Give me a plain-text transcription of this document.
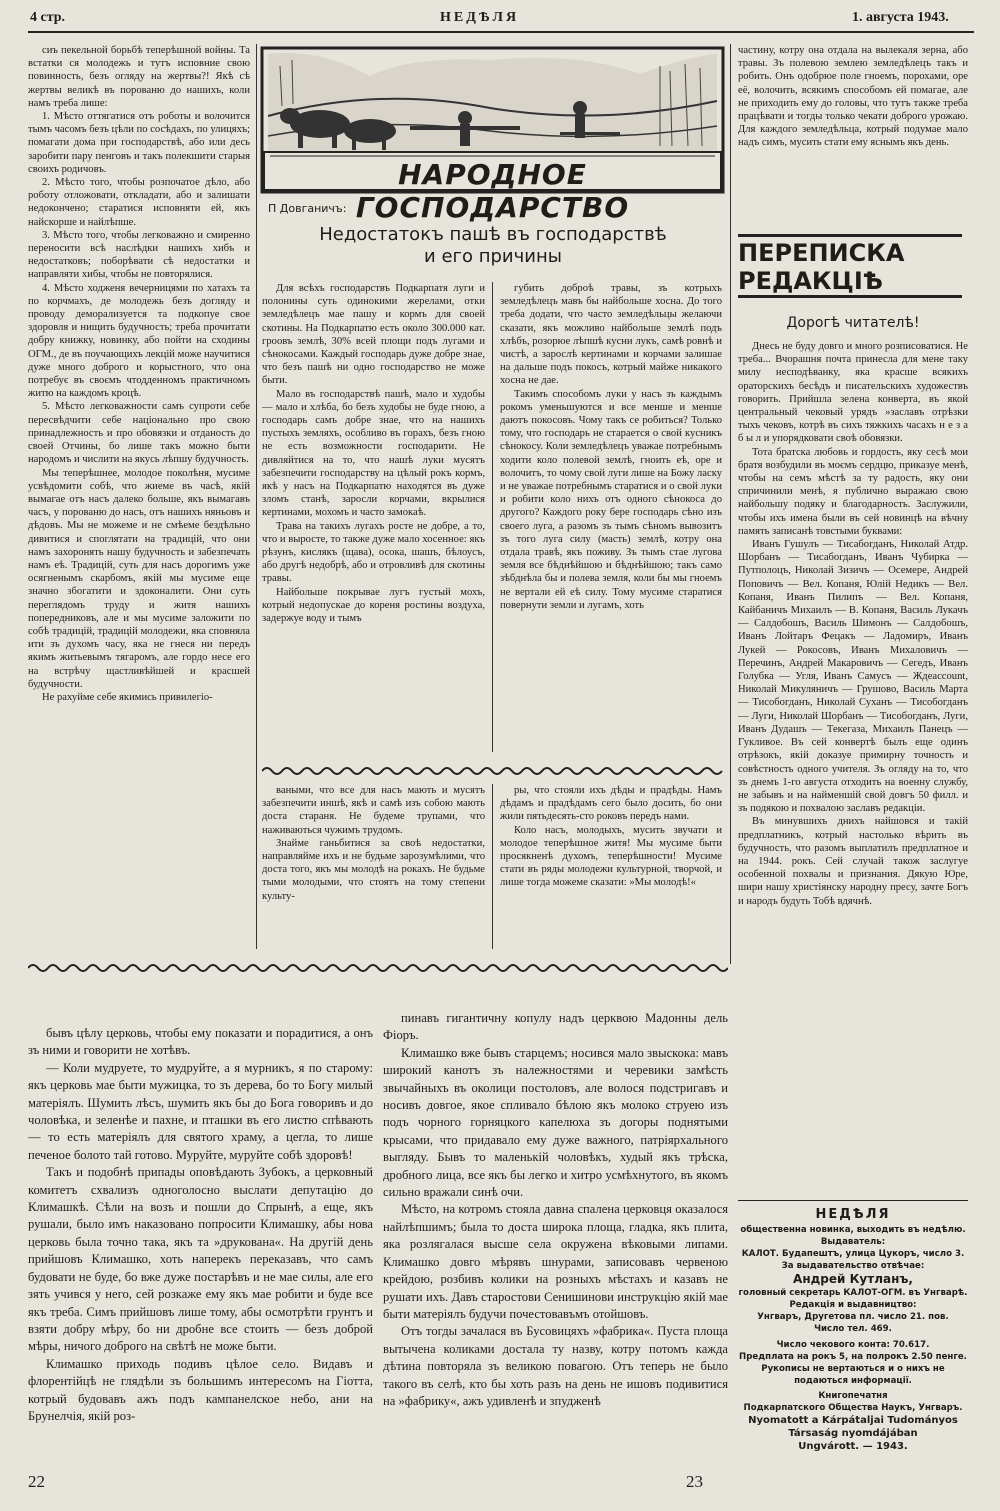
4 стр.	НЕДѢЛЯ	1. августа 1943.

сиъ пекельной борьбѣ теперѣшной войны. Та встатки ся молодежь и тутъ исповние свою повинность, безъ огляду на жертвы?! Якѣ сѣ жертвы великѣ въ порованю до нашихъ, коли намъ треба лише:

1. Мѣсто оттягатися отъ роботы и волочится тымъ часомъ безъ цѣли по сосѣдахъ, по улицяхъ; помагати дома при господарствѣ, або или десь заробити пару пенговъ и такъ полекшити старыя своихъ родичовъ.

2. Мѣсто того, чтобы розпочатое дѣло, або роботу отложовати, откладати, або и залишати недоконченo; старатися исповняти ей, якъ найскорше и найлѣпше.

3. Мѣсто того, чтобы легковажно и смиренно переносити всѣ наслѣдки нашихъ хибъ и недостатковъ; поборѣвати сѣ недостатки и направляти хибы, чтобы не повторялися.

4. Мѣсто ходженя вечерницями по хатахъ та по корчмахъ, де молодежь безъ догляду и проводу деморализуется та подкопуе свое здоровля и нищить будучность; треба прочитати добру книжку, новинку, або пойти на сходины ОГМ., де въ поучающихъ лекцій може научитися дуже много доброго и корыстного, что она потребує въ своємъ чтодденномъ практичномъ житю на каждомъ кроцѣ.

5. Мѣсто легковажности самъ супроти себе пересвѣдчити себе національно про свою принадлежность и про обовязки и отданость до своей Отчины, бо лише такъ можно быти народомъ и числити на якусь лѣпшу будучность.

Мы теперѣшнее, молодое поколѣня, мусиме усвѣдомити собѣ, что жиеме въ часѣ, якій вымагае отъ насъ далеко больше, якъ вымагавъ часъ, у порованю до насъ, отъ нашихъ няньовъ и дѣдовъ. Мы не можеме и не смѣеме бездѣльно дивитися и споглятати на традицій, что они намъ захоронять нашу будучность и забезпечать намъ еѣ. Традицій, суть для насъ дорогимъ уже осягненымъ скарбомъ, якій мы мусиме еще значно збогатити и здоконалити. Они суть переглядомъ труду и житя нашихъ попередниковъ, але и мы мусиме заложити по собѣ традицій, традицій молодежи, яка сповняла ити зъ духомъ часу, яка не гнеся ни передъ якимъ житьевымъ тягаромъ, але гордо несе его на встрѣчу щастливѣйшей и красшей будучности.

Не рахуйме себе якимись привилегіо-

НАРОДНОЕ ГОСПОДАРСТВО
П Довганичъ:
Недостатокъ пашѣ въ господарствѣ
и его причины

Для всѣхъ господарствъ Подкарпатя луги и полонины суть одинокими жерелами, отки земледѣлецъ мае пашу и кормъ для своей скотины. На Подкарпатю есть около 300.000 кат. гроовъ землѣ, 30% всей площи подъ лугами и сѣнокосами. Каждый господарь дуже добре знае, что безъ пашѣ ни одно господарство не може быти.

Мало въ господарствѣ пашѣ, мало и худобы — мало и хлѣба, бо безъ худобы не буде гною, а господарь самъ добре знае, что на нашихъ пустыхъ земляхъ, особливо въ горахъ, безъ гною не есть возможности господарити. Не дивляйтися на то, что нашѣ луки мусятъ забезпечити господарству на цѣлый рокъ кормъ, якѣ у насъ на Подкарпатю находятся въ дуже зломъ станѣ, заросли корчами, вкрылися кертинами, мохомъ и часто замокаѣ.

Трава на такихъ лугахъ росте не добре, а то, что и выросте, то также дуже мало хосенное: якъ рѣзунъ, кислякъ (щава), осока, шашъ, бѣлоусъ, або другѣ недобрѣ, або и отровливѣ для скотины травы.

Найбольше покрывае лугъ густый мохъ, котрый недопускае до кореня ростины воздуха, задержуе воду и тымъ

губить доброѣ травы, зъ котрыхъ земледѣлецъ мавъ бы найбольше хосна. До того треба додати, что часто земледѣльцы желаючи сказати, якъ можливо найбольше землѣ подъ хлѣбъ, розорюе лѣпшѣ кусни лукъ, самѣ ровнѣ и чистѣ, а зарослѣ кертинами и корчами залишае на дальше подъ покосъ, котрый майже никакого хосна не дае.

Такимъ способомъ луки у насъ зъ каждымъ рокомъ уменьшуются и все менше и менше даютъ покосовъ. Чому такъ се робиться? Только тому, что господарь не старается о свой кусникъ сѣнокосу. Коли земледѣлецъ уважае потребнымъ ходити коло полевой землѣ, гноить еѣ, оре и волочитъ, то чому свой луги лише на Божу ласку и не уважае потребнымъ старатися и о свой луки и робити коло нихъ отъ одного сѣнокоса до другого? Каждого року бере господарь сѣно изъ своего луга, а разомъ зъ тымъ сѣномъ вывозитъ зъ того луга силу (масть) землѣ, котру она отдала травѣ, якъ поживу. Зъ тымъ стае лугова земля все бѣднѣйшою и бѣднѣйшою; такъ само зѣбднѣла бы и полева земля, коли бы мы гноемъ не вертали ей еѣ силу. Тому мусиме старатися повернути земли и лугамъ, хоть

ваными, что все для насъ мають и мусятъ забезпечити иншѣ, якѣ и самѣ изъ собою мають доста стараня. Не будеме трупами, что наживаються чужимъ трудомъ.

Знайме ганьбитися за своѣ недостатки, направляйме ихъ и не будьме зарозумѣлими, что доста того, якъ мы молодѣ на рокахъ. Не будьме тыми молодыми, что стоятъ на тому степени культу-

ры, что стояли ихъ дѣды и прадѣды. Намъ дѣдамъ и прадѣдамъ сего было досить, бо они жили пятьдесять-сто роковъ передъ нами.

Коло насъ, молодыхъ, мусить звучати и молодое теперѣшное житя! Мы мусиме быти просякненѣ духомъ, теперѣшности! Мусиме стати въ ряды молодежи культурной, творчой, и лише тогда можеме сказати: »Мы молодѣ!«

частину, котру она отдала на вылекаля зерна, або травы. Зъ полевою землею земледѣлецъ такъ и робить. Онъ одобрюе поле гноемъ, порохами, оре её, волочить, всякимъ способомъ ей помагае, але не приходить ему до головы, что тутъ также треба працѣвати и тогды только чекати доброго урожаю. Для каждого земледѣльца, котрый подумае мало надъ симъ, мусить стати ему яснымъ якъ день.

ПЕРЕПИСКА
РЕДАКЦІѢ
Дорогѣ читателѣ!

Днесь не буду довго и много розписоватися. Не треба... Вчорашня почта принесла для мене таку милу несподѣванку, яка красше всякихъ ораторскихъ бесѣдъ и писательскихъ художествъ говорить. Прийшла зелена конверта, въ якой центральный чековый урядъ »заславъ отрѣзки тыхъ чековъ, котрѣ въ сихъ тяжкихъ часахъ н е з а б ы л и упорядковати своѣ обовязки.

Тота братска любовь и гордость, яку сесѣ мои братя возбудили въ моємъ сердцю, приказуе менѣ, чтобы на семъ мѣстѣ за ту радость, яку они спричинили менѣ, я публично выражаю свою найбольшу подяку и благодарность. Заслужили, чтобы ихъ имена были въ сей новинцѣ на вѣчну память записанѣ товстыми буквами:

Иванъ Гушулъ — Тисабогданъ, Николай Атдр. Шорбанъ — Тисабогданъ, Иванъ Чубирка — Путполоцъ, Николай Зизичъ — Осемере, Андрей Поповичъ — Вел. Копаня, Юлій Недикъ — Вел. Копаня, Иванъ Пилипъ — Вел. Копаня, Кайбаничъ Михаилъ — В. Копаня, Василь Лукачъ — Салдобошъ, Василь Шимонъ — Салдобошъ, Иванъ Лойтаръ Фецакъ — Ладомиръ, Иванъ Лукей — Рокосовъ, Иванъ Михаловичъ — Перечинъ, Андрей Макаровичъ — Сегедъ, Иванъ Голубка — Угля, Иванъ Самусъ — Ждеaccount, Николай Микуляничъ — Грушово, Василь Марта — Тисобогданъ, Николай Суханъ — Тисобогданъ — Луги, Николай Шорбанъ — Тисобогданъ, Луги, Иванъ Дудашъ — Текегаза, Михаилъ Панецъ — Гукливое. Въ сей конвертѣ былъ еще одинъ отрѣзокъ, якій доказуе примирну точность и совѣстность одного учителя. Зъ огляду на то, что зъ днемъ 1-го августа отходить на военну службу, не забывъ и на найменшій свой довгъ 50 филл. и зъ подякою и похвалою заславъ редакціи.

Въ минувшихъ днихъ найшовся и такій предплатникъ, котрый настолько вѣрить въ будучность, что разомъ выплатилъ предплатное и на 1944. рокъ. Сей случай також заслугуе особенной похвалы и признания. Дякую Юрe, шири нашу христіянску народну пресу, зачте Богъ и народъ будуть Тобѣ вдячнѣ.

НЕДѢЛЯ
общественна новинка, выходить въ недѣлю.
Выдаватель:
КАЛОТ. Будапештъ, улица Цукоръ, число 3.
За выдавательство отвѣчае:
Андрей Кутланъ,
головный секретарь КАЛОТ-ОГМ. въ Унгварѣ.
Редакція и выдавництво:
Унгваръ, Другетова пл. число 21. пов.
Число тел. 469.
Число чекового конта: 70.617.
Предплата на рокъ 5, на полрокъ 2.50 пенге.
Рукописы не вертаються и о нихъ не подаються информації.
Книгопечатня
Подкарпатского Общества Наукъ, Унгваръ.
Nyomatott a Kárpátaljai Tudományos
Társaság nyomdájában
Ungvárott. — 1943.

бывъ цѣлу церковь, чтобы ему показати и порадитися, а онъ зъ ними и говорити не хотѣвъ.

— Коли мудруете, то мудруйте, а я мурникъ, я по старому: якъ церковь мае быти мужицка, то зъ дерева, бо то Богу милый матеріялъ. Шумить лѣсъ, шумить якъ бы до Бога говоривъ и до чоловѣка, и зеленѣе и пахне, и пташки въ его листю спѣвають — то есть матеріялъ для святого храму, а цегла, то лише печеное болото тай готово. Муруйте, муруйте собѣ здоровѣ!

Такъ и подобнѣ припады оповѣдають Зубокъ, а церковный комитетъ схвализъ одноголосно выслати депутацію до Климашкѣ. Сѣли на возъ и пошли до Спрынѣ, а еще, якъ рушали, было имъ наказовано попросити Климашку, абы нова церковь была точно така, якъ та »друкована«. На другій день прийшовъ Климашко, хоть наперекъ переказавъ, что самъ будовати не буде, бо вже дуже постарѣвъ и не мае силы, але его зять учився у него, сей розкаже ему якъ мае робити и буде все якъ треба. Симъ прийшовъ лише тому, абы осмотрѣти грунтъ и взяти добру мѣру, бо ни дробне все стоить — безъ доброй мѣры, ничого доброго на свѣтѣ не може быти.

Климашко приходь подивъ цѣлое село. Видавъ и флорентійцѣ не глядѣли зъ большимъ интересомъ на Гіотта, котрый будовавъ ажъ подъ кампанелское небо, ани на Брунелчія, якій роз-

пинавъ гигантичну копулу надъ церквою Мадонны дель Фіоръ.

Климашко вже бывъ старцемъ; носився мало звыскока: мавъ широкий канотъ зъ належностями и черевики замѣсть звычайныхъ въ околици постоловъ, але волося подстригавъ и носивъ довгое, якое спливало бѣлою якъ молоко струею изъ подъ чорного горняцкого капелюха зъ догоры поднятыми крысами, что придавало ему дуже важного, патріярхального выгляду. Бывъ то маленькій чоловѣкъ, худый якъ трѣска, дробного лица, все якъ бы легко и хитро усмѣхнутого, въ якомъ сильно вражали синѣ очи.

Мѣсто, на котромъ стояла давна спалена церковця оказалося найлѣпшимъ; была то доста широка площа, гладка, якъ плита, яка розлягалася высше села окружена вѣковыми липами. Климашко довго мѣрявъ шнурами, записовавъ червеною крейдою, розбивъ колики на розныхъ мѣстахъ и казавъ не рушати ихъ. Давъ старостови Сенишинови инструкцію якій мае быти матеріялъ будучи почестовавъмъ отойшовъ.

Отъ тогды зачалася въ Бусовицяхъ »фабрика«. Пуста площа вытычена коликами достала ту назву, котру потомъ каждa дѣтина повторяла зъ великою повагою. Отъ теперь не было такого въ селѣ, кто бы хоть разъ на день не ишовъ подивитися на »фабрику«, ажъ удивленѣ и зпудженѣ

22	23
